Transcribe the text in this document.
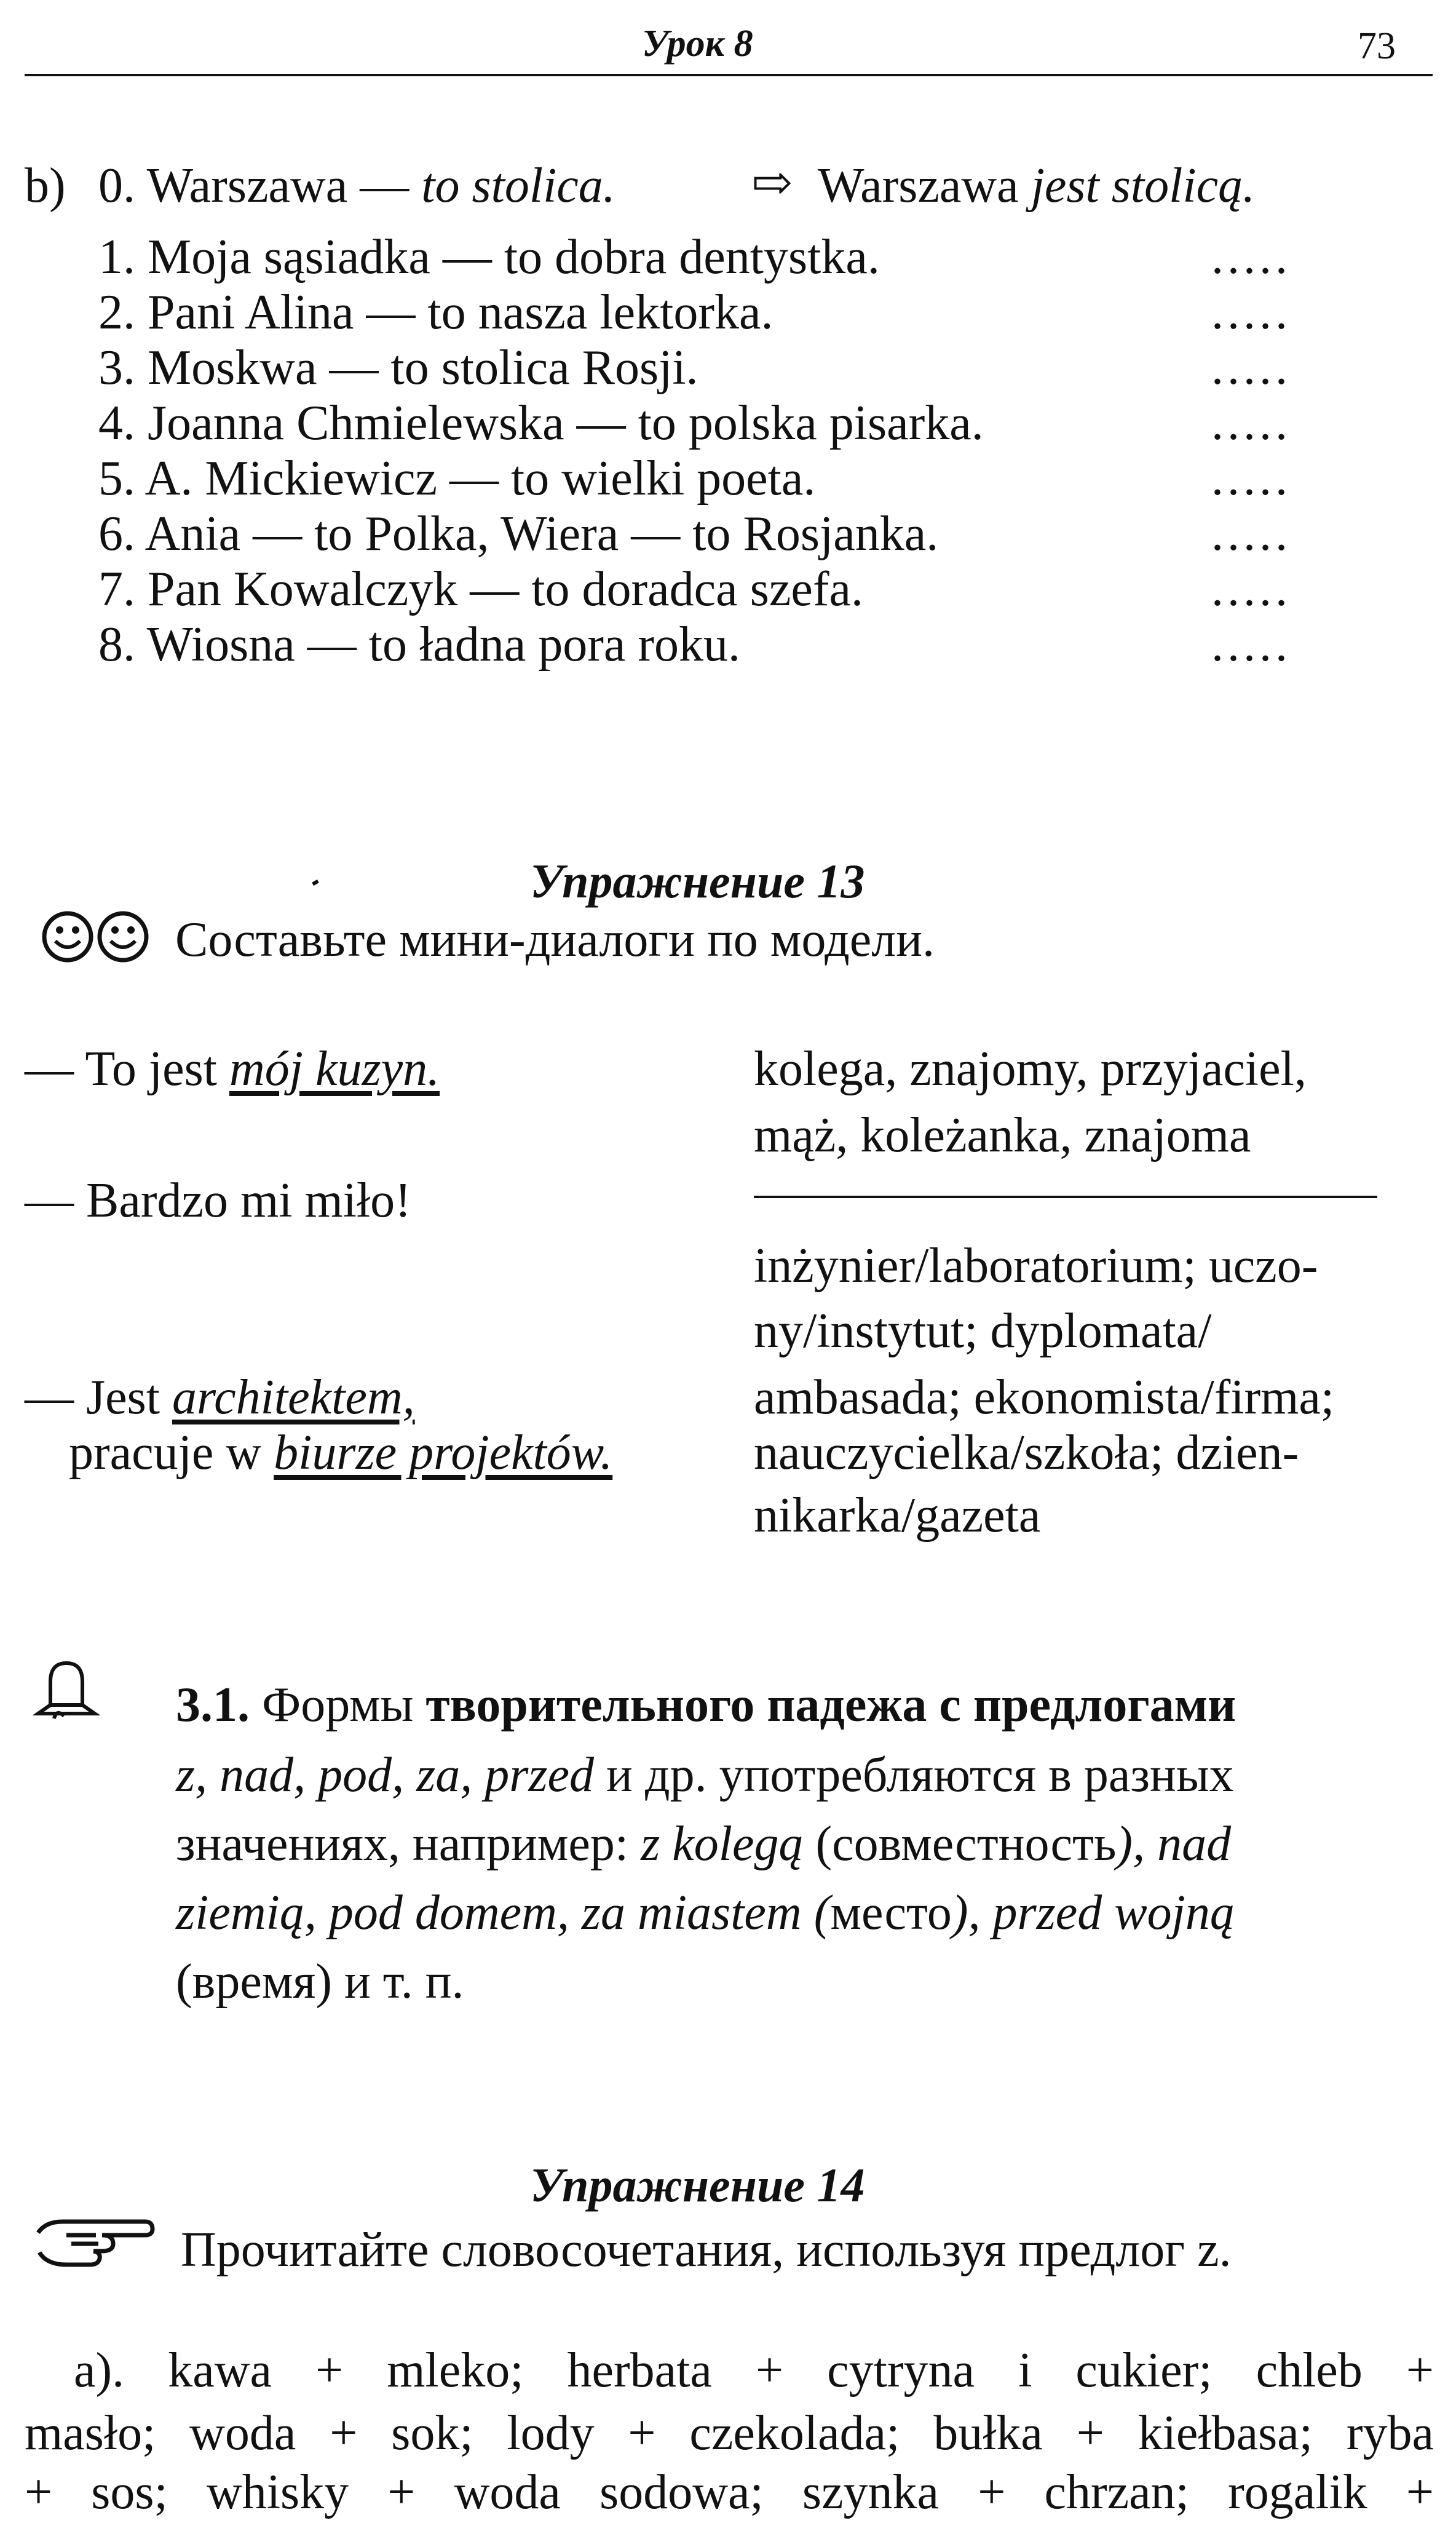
Урок 8	73
b) 0. Warszawa — to stolica.	⇨ Warszawa jest stolicą.
1. Moja sąsiadka — to dobra dentystka.	.....
2. Pani Alina — to nasza lektorka.	.....
3. Moskwa — to stolica Rosji.	.....
4. Joanna Chmielewska — to polska pisarka.	.....
5. A. Mickiewicz — to wielki poeta.	.....
6. Ania — to Polka, Wiera — to Rosjanka.	.....
7. Pan Kowalczyk — to doradca szefa.	.....
8. Wiosna — to ładna pora roku.	.....
Упражнение 13
Составьте мини-диалоги по модели.
— To jest mój kuzyn.
— Bardzo mi miło!
— Jest architektem,
pracuje w biurze projektów.
kolega, znajomy, przyjaciel,
mąż, koleżanka, znajoma
inżynier/laboratorium; uczo-
ny/instytut; dyplomata/
ambasada; ekonomista/firma;
nauczycielka/szkoła; dzien-
nikarka/gazeta
3.1. Формы творительного падежа с предлогами
z, nad, pod, za, przed и др. употребляются в разных
значениях, например: z kolegą (совместность), nad
ziemią, pod domem, za miastem (место), przed wojną
(время) и т. п.
Упражнение 14
Прочитайте словосочетания, используя предлог z.
a). kawa + mleko; herbata + cytryna i cukier; chleb +
masło; woda + sok; lody + czekolada; bułka + kiełbasa; ryba
+ sos; whisky + woda sodowa; szynka + chrzan; rogalik +
